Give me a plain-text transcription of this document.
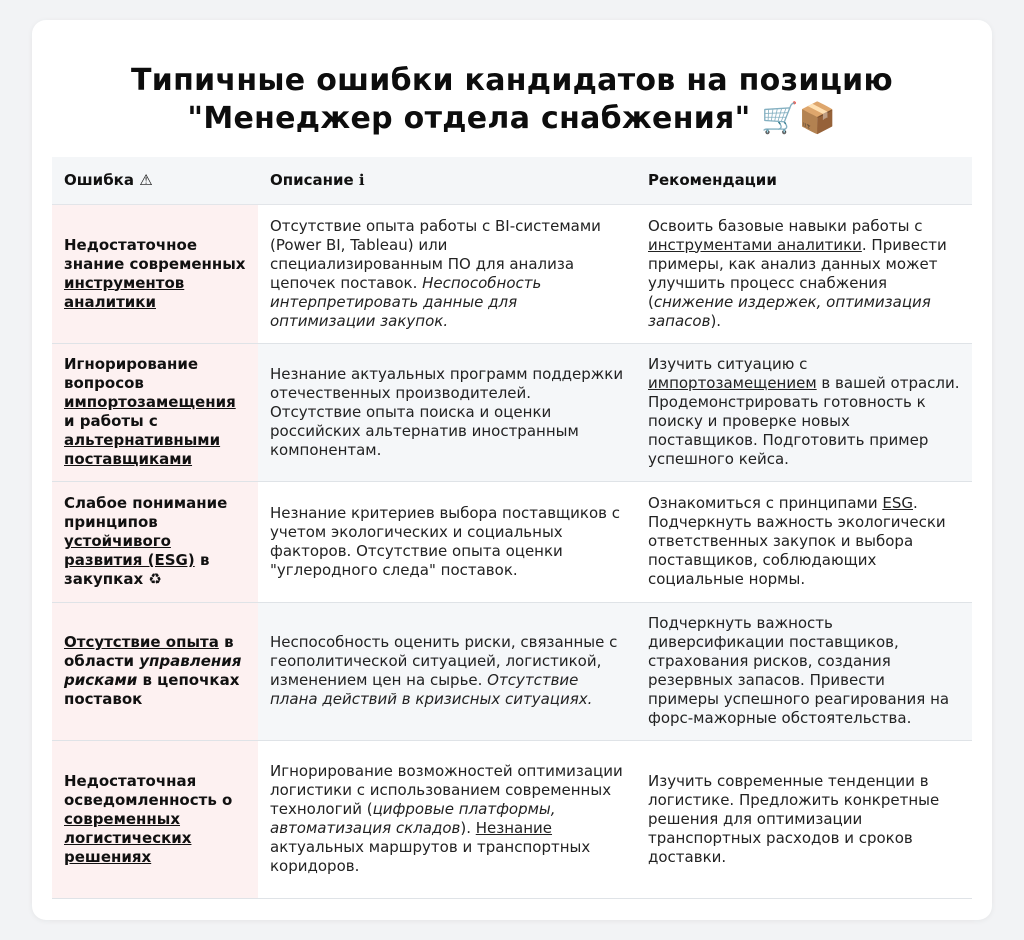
Типичные ошибки кандидатов на позицию
"Менеджер отдела снабжения" 🛒📦
Ошибка ⚠	Описание ℹ	Рекомендации
Недостаточное знание современных инструментов аналитики	Отсутствие опыта работы с BI-системами (Power BI, Tableau) или специализированным ПО для анализа цепочек поставок. Неспособность интерпретировать данные для оптимизации закупок.	Освоить базовые навыки работы с инструментами аналитики. Привести примеры, как анализ данных может улучшить процесс снабжения (снижение издержек, оптимизация запасов).
Игнорирование вопросов импортозамещения и работы с альтернативными поставщиками	Незнание актуальных программ поддержки отечественных производителей. Отсутствие опыта поиска и оценки российских альтернатив иностранным компонентам.	Изучить ситуацию с импортозамещением в вашей отрасли. Продемонстрировать готовность к поиску и проверке новых поставщиков. Подготовить пример успешного кейса.
Слабое понимание принципов устойчивого развития (ESG) в закупках ♻	Незнание критериев выбора поставщиков с учетом экологических и социальных факторов. Отсутствие опыта оценки "углеродного следа" поставок.	Ознакомиться с принципами ESG. Подчеркнуть важность экологически ответственных закупок и выбора поставщиков, соблюдающих социальные нормы.
Отсутствие опыта в области управления рисками в цепочках поставок	Неспособность оценить риски, связанные с геополитической ситуацией, логистикой, изменением цен на сырье. Отсутствие плана действий в кризисных ситуациях.	Подчеркнуть важность диверсификации поставщиков, страхования рисков, создания резервных запасов. Привести примеры успешного реагирования на форс-мажорные обстоятельства.
Недостаточная осведомленность о современных логистических решениях	Игнорирование возможностей оптимизации логистики с использованием современных технологий (цифровые платформы, автоматизация складов). Незнание актуальных маршрутов и транспортных коридоров.	Изучить современные тенденции в логистике. Предложить конкретные решения для оптимизации транспортных расходов и сроков доставки.
